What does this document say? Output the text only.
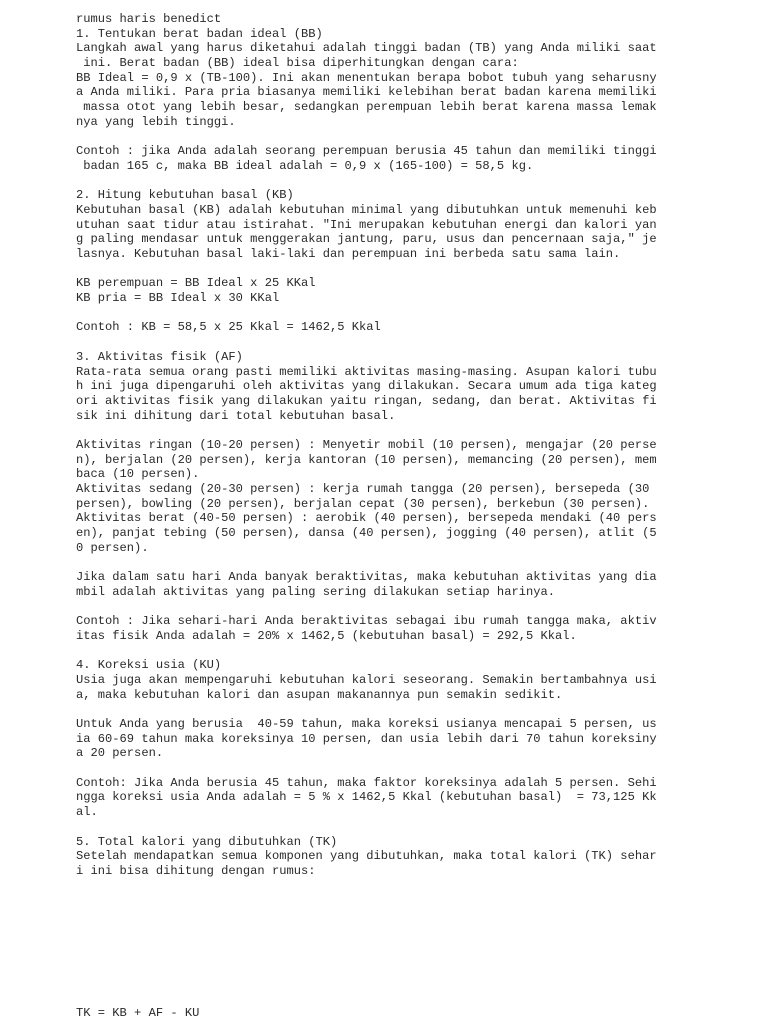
rumus haris benedict
1. Tentukan berat badan ideal (BB)
Langkah awal yang harus diketahui adalah tinggi badan (TB) yang Anda miliki saat
ini. Berat badan (BB) ideal bisa diperhitungkan dengan cara:
BB Ideal = 0,9 x (TB-100). Ini akan menentukan berapa bobot tubuh yang seharusny
a Anda miliki. Para pria biasanya memiliki kelebihan berat badan karena memiliki
massa otot yang lebih besar, sedangkan perempuan lebih berat karena massa lemak
nya yang lebih tinggi.
Contoh : jika Anda adalah seorang perempuan berusia 45 tahun dan memiliki tinggi
badan 165 c, maka BB ideal adalah = 0,9 x (165-100) = 58,5 kg.
2. Hitung kebutuhan basal (KB)
Kebutuhan basal (KB) adalah kebutuhan minimal yang dibutuhkan untuk memenuhi keb
utuhan saat tidur atau istirahat. "Ini merupakan kebutuhan energi dan kalori yan
g paling mendasar untuk menggerakan jantung, paru, usus dan pencernaan saja," je
lasnya. Kebutuhan basal laki-laki dan perempuan ini berbeda satu sama lain.
KB perempuan = BB Ideal x 25 KKal
KB pria = BB Ideal x 30 KKal
Contoh : KB = 58,5 x 25 Kkal = 1462,5 Kkal
3. Aktivitas fisik (AF)
Rata-rata semua orang pasti memiliki aktivitas masing-masing. Asupan kalori tubu
h ini juga dipengaruhi oleh aktivitas yang dilakukan. Secara umum ada tiga kateg
ori aktivitas fisik yang dilakukan yaitu ringan, sedang, dan berat. Aktivitas fi
sik ini dihitung dari total kebutuhan basal.
Aktivitas ringan (10-20 persen) : Menyetir mobil (10 persen), mengajar (20 perse
n), berjalan (20 persen), kerja kantoran (10 persen), memancing (20 persen), mem
baca (10 persen).
Aktivitas sedang (20-30 persen) : kerja rumah tangga (20 persen), bersepeda (30
persen), bowling (20 persen), berjalan cepat (30 persen), berkebun (30 persen).
Aktivitas berat (40-50 persen) : aerobik (40 persen), bersepeda mendaki (40 pers
en), panjat tebing (50 persen), dansa (40 persen), jogging (40 persen), atlit (5
0 persen).
Jika dalam satu hari Anda banyak beraktivitas, maka kebutuhan aktivitas yang dia
mbil adalah aktivitas yang paling sering dilakukan setiap harinya.
Contoh : Jika sehari-hari Anda beraktivitas sebagai ibu rumah tangga maka, aktiv
itas fisik Anda adalah = 20% x 1462,5 (kebutuhan basal) = 292,5 Kkal.
4. Koreksi usia (KU)
Usia juga akan mempengaruhi kebutuhan kalori seseorang. Semakin bertambahnya usi
a, maka kebutuhan kalori dan asupan makanannya pun semakin sedikit.
Untuk Anda yang berusia  40-59 tahun, maka koreksi usianya mencapai 5 persen, us
ia 60-69 tahun maka koreksinya 10 persen, dan usia lebih dari 70 tahun koreksiny
a 20 persen.
Contoh: Jika Anda berusia 45 tahun, maka faktor koreksinya adalah 5 persen. Sehi
ngga koreksi usia Anda adalah = 5 % x 1462,5 Kkal (kebutuhan basal)  = 73,125 Kk
al.
5. Total kalori yang dibutuhkan (TK)
Setelah mendapatkan semua komponen yang dibutuhkan, maka total kalori (TK) sehar
i ini bisa dihitung dengan rumus:
TK = KB + AF - KU
